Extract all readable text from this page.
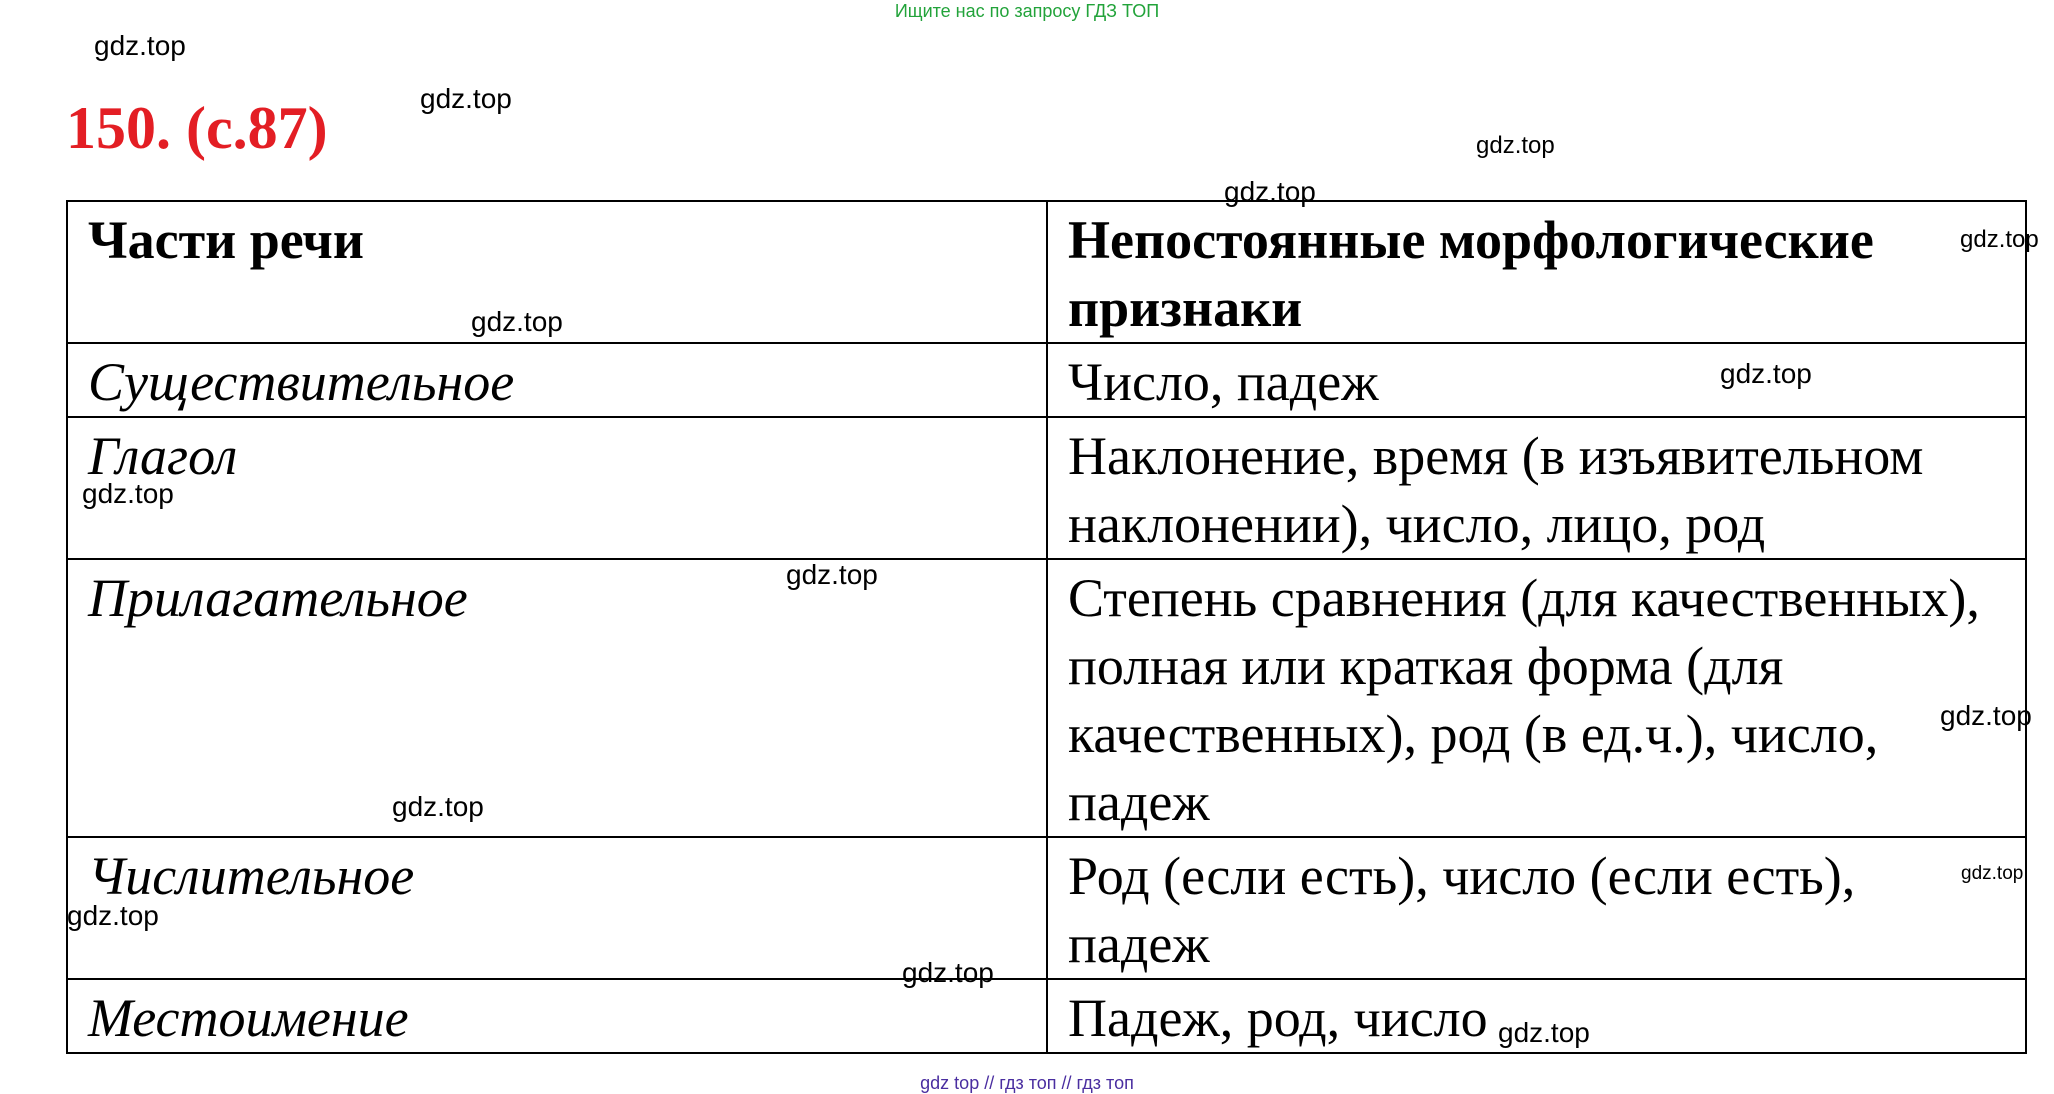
Ищите нас по запросу ГДЗ ТОП
150. (с.87)
Части речи	Непостоянные морфологические признаки
Существительное	Число, падеж
Глагол	Наклонение, время (в изъявительном наклонении), число, лицо, род
Прилагательное	Степень сравнения (для качественных), полная или краткая форма (для качественных), род (в ед.ч.), число, падеж
Числительное	Род (если есть), число (если есть), падеж
Местоимение	Падеж, род, число
gdz.top
gdz.top
gdz.top
gdz.top
gdz.top
gdz.top
gdz.top
gdz.top
gdz.top
gdz.top
gdz.top
gdz.top
gdz.top
gdz.top
gdz.top
gdz top // гдз топ // гдз топ
